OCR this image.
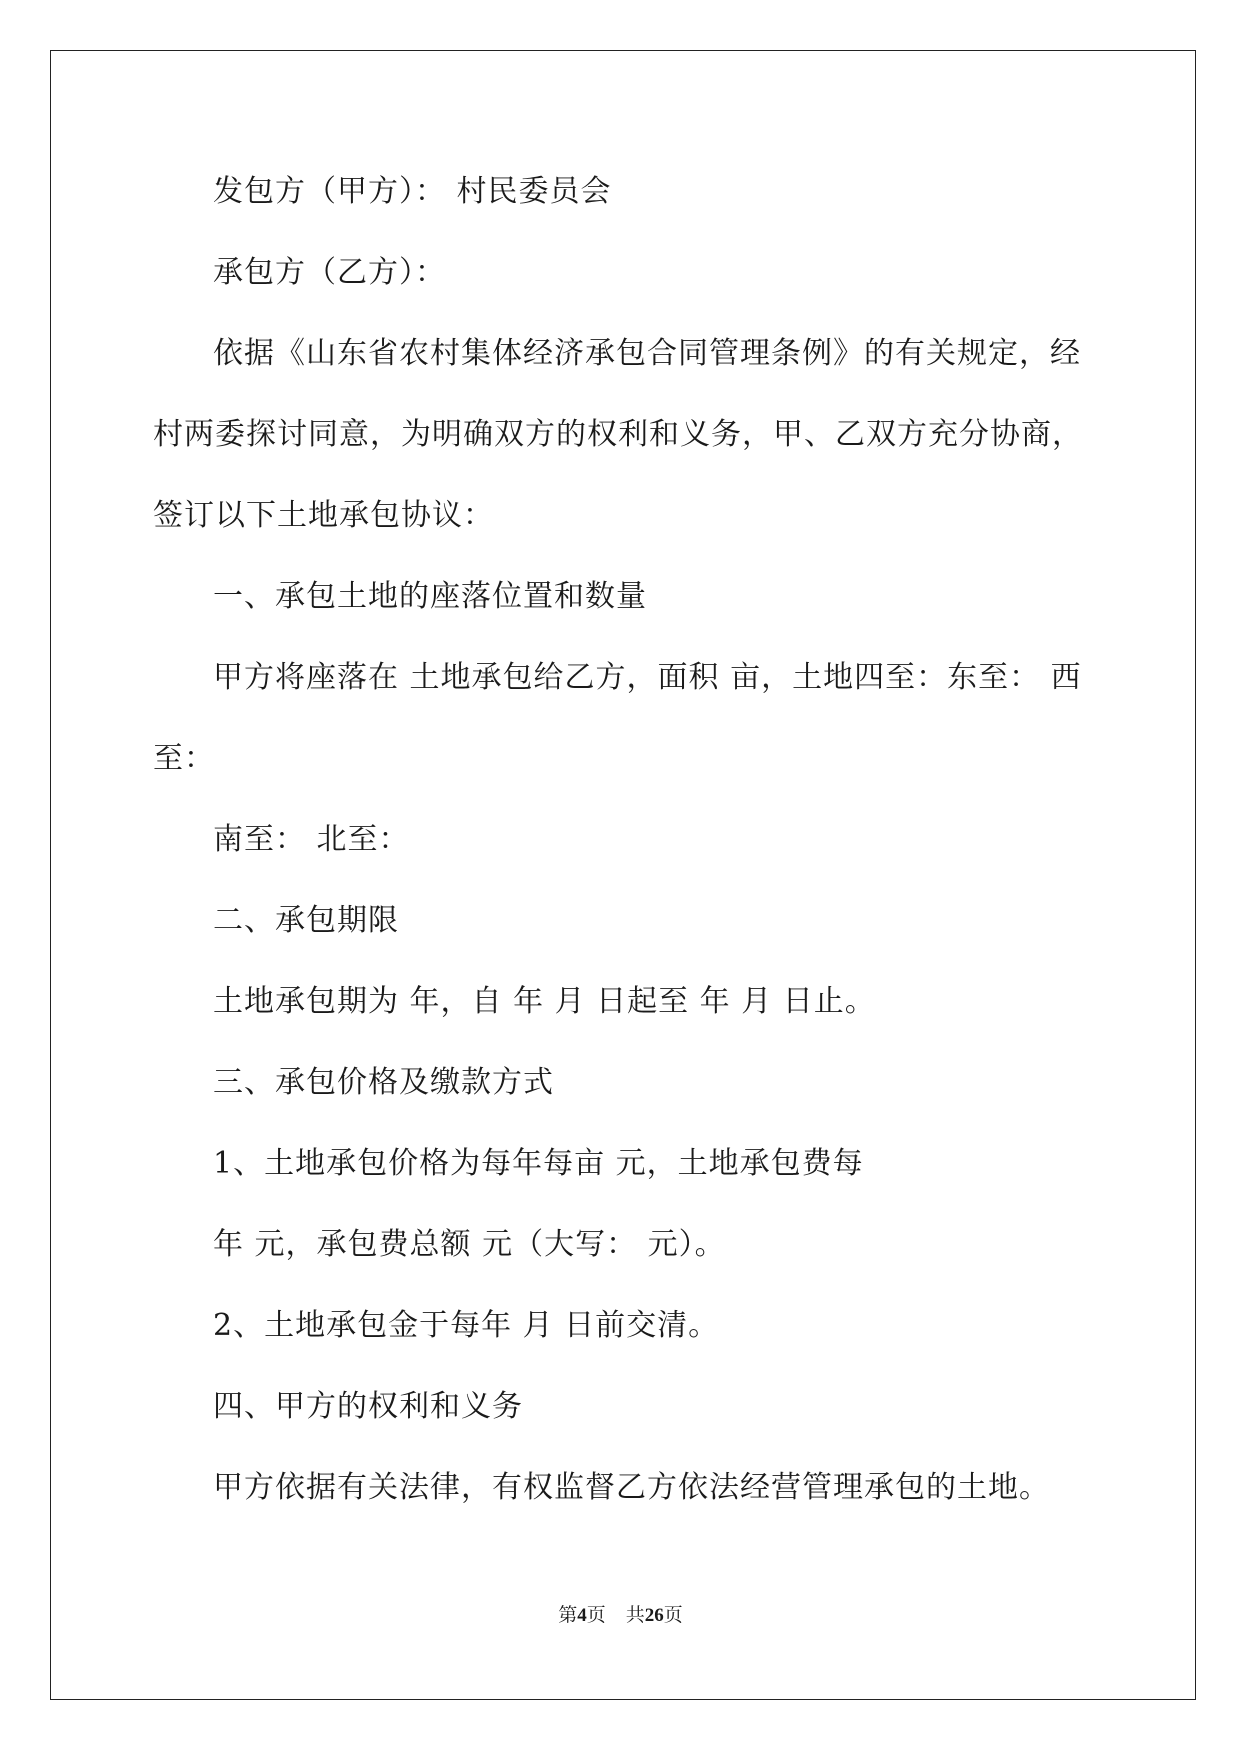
发包方（甲方）： 村民委员会
承包方（乙方）：
依据《山东省农村集体经济承包合同管理条例》的有关规定，经
村两委探讨同意，为明确双方的权利和义务，甲、乙双方充分协商，
签订以下土地承包协议：
一、承包土地的座落位置和数量
甲方将座落在 土地承包给乙方，面积 亩，土地四至：东至： 西
至：
南至： 北至：
二、承包期限
土地承包期为 年，自 年 月 日起至 年 月 日止。
三、承包价格及缴款方式
1、土地承包价格为每年每亩 元，土地承包费每
年 元，承包费总额 元（大写： 元）。
2、土地承包金于每年 月 日前交清。
四、甲方的权利和义务
甲方依据有关法律，有权监督乙方依法经营管理承包的土地。
第4页 共26页
